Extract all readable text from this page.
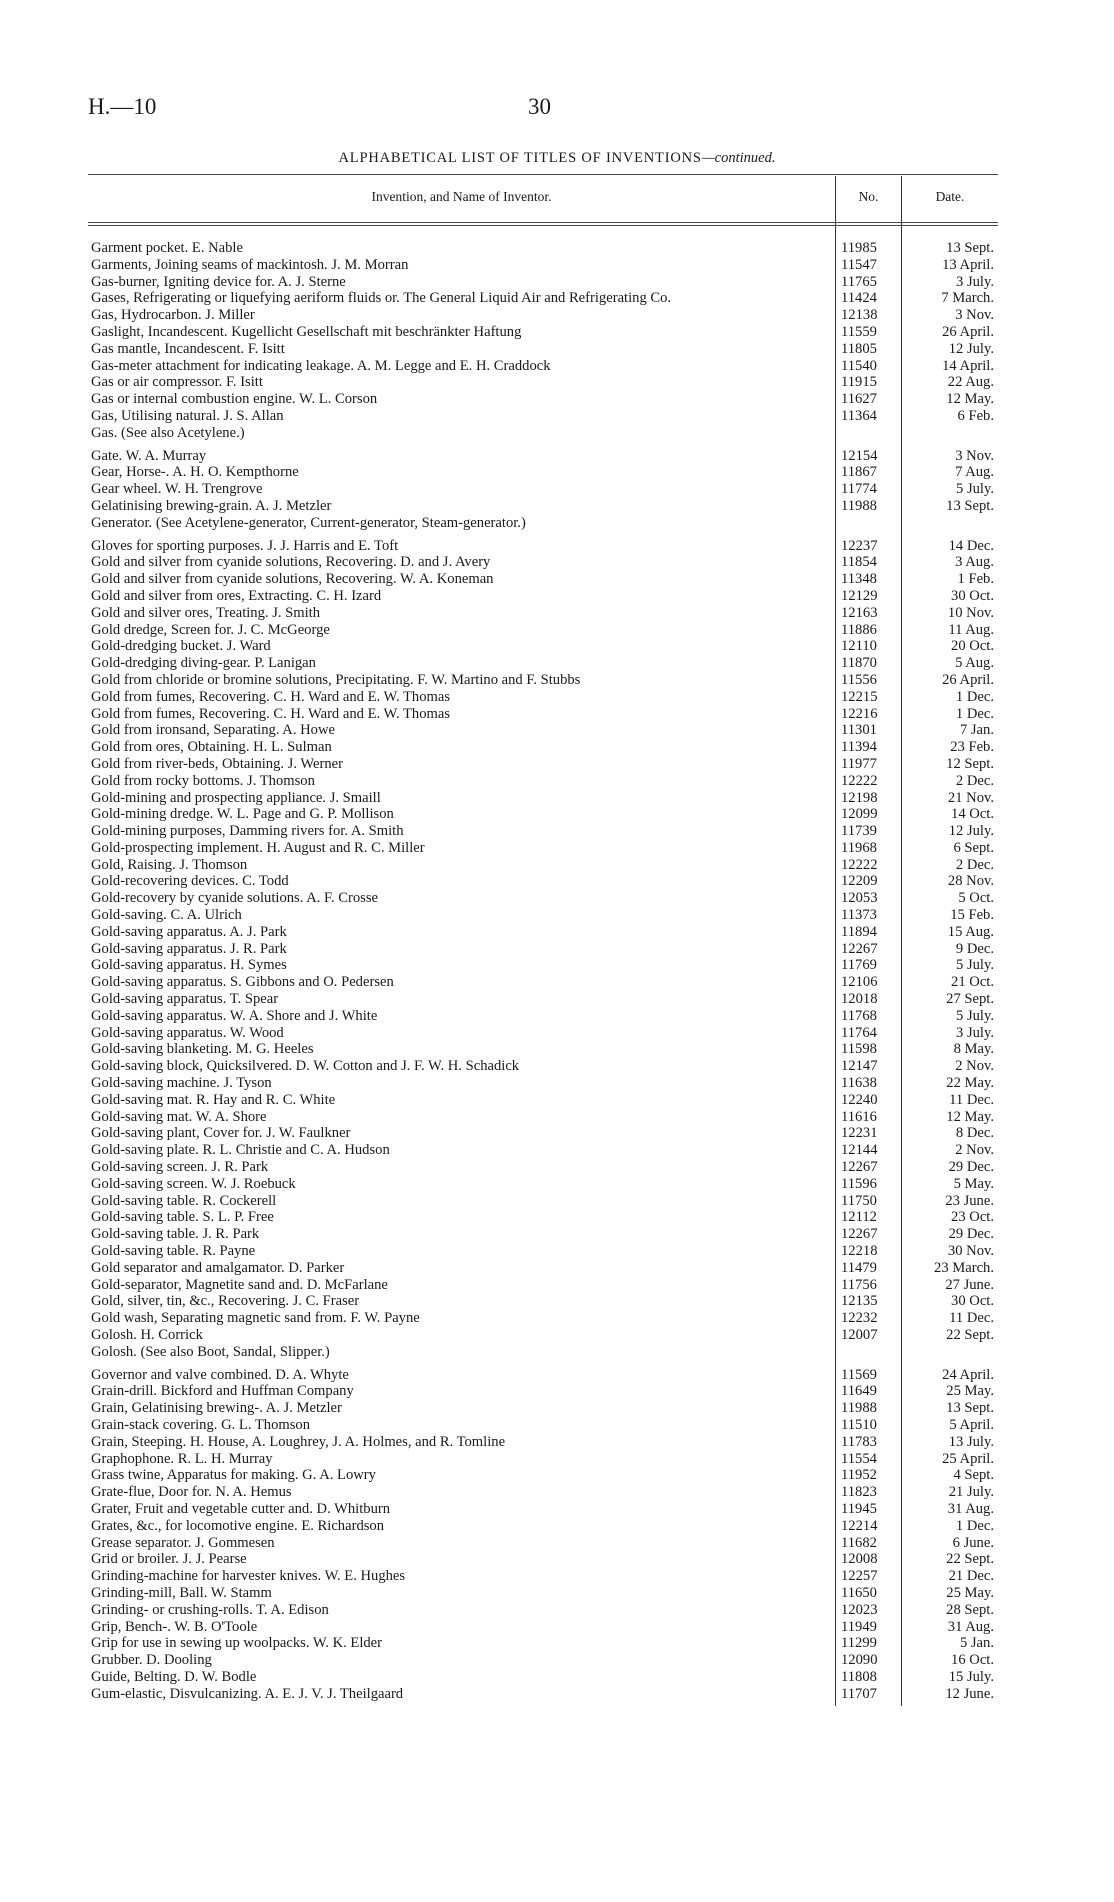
H.—10	30
ALPHABETICAL LIST OF TITLES OF INVENTIONS—continued.
Invention, and Name of Inventor.	No.	Date.
Garment pocket. E. Nable	11985	13 Sept.
Garments, Joining seams of mackintosh. J. M. Morran	11547	13 April.
Gas-burner, Igniting device for. A. J. Sterne	11765	3 July.
Gases, Refrigerating or liquefying aeriform fluids or. The General Liquid Air and Refrigerating Co.	11424	7 March.
Gas, Hydrocarbon. J. Miller	12138	3 Nov.
Gaslight, Incandescent. Kugellicht Gesellschaft mit beschränkter Haftung	11559	26 April.
Gas mantle, Incandescent. F. Isitt	11805	12 July.
Gas-meter attachment for indicating leakage. A. M. Legge and E. H. Craddock	11540	14 April.
Gas or air compressor. F. Isitt	11915	22 Aug.
Gas or internal combustion engine. W. L. Corson	11627	12 May.
Gas, Utilising natural. J. S. Allan	11364	6 Feb.
Gas. (See also Acetylene.)
Gate. W. A. Murray	12154	3 Nov.
Gear, Horse-. A. H. O. Kempthorne	11867	7 Aug.
Gear wheel. W. H. Trengrove	11774	5 July.
Gelatinising brewing-grain. A. J. Metzler	11988	13 Sept.
Generator. (See Acetylene-generator, Current-generator, Steam-generator.)
Gloves for sporting purposes. J. J. Harris and E. Toft	12237	14 Dec.
Gold and silver from cyanide solutions, Recovering. D. and J. Avery	11854	3 Aug.
Gold and silver from cyanide solutions, Recovering. W. A. Koneman	11348	1 Feb.
Gold and silver from ores, Extracting. C. H. Izard	12129	30 Oct.
Gold and silver ores, Treating. J. Smith	12163	10 Nov.
Gold dredge, Screen for. J. C. McGeorge	11886	11 Aug.
Gold-dredging bucket. J. Ward	12110	20 Oct.
Gold-dredging diving-gear. P. Lanigan	11870	5 Aug.
Gold from chloride or bromine solutions, Precipitating. F. W. Martino and F. Stubbs	11556	26 April.
Gold from fumes, Recovering. C. H. Ward and E. W. Thomas	12215	1 Dec.
Gold from fumes, Recovering. C. H. Ward and E. W. Thomas	12216	1 Dec.
Gold from ironsand, Separating. A. Howe	11301	7 Jan.
Gold from ores, Obtaining. H. L. Sulman	11394	23 Feb.
Gold from river-beds, Obtaining. J. Werner	11977	12 Sept.
Gold from rocky bottoms. J. Thomson	12222	2 Dec.
Gold-mining and prospecting appliance. J. Smaill	12198	21 Nov.
Gold-mining dredge. W. L. Page and G. P. Mollison	12099	14 Oct.
Gold-mining purposes, Damming rivers for. A. Smith	11739	12 July.
Gold-prospecting implement. H. August and R. C. Miller	11968	6 Sept.
Gold, Raising. J. Thomson	12222	2 Dec.
Gold-recovering devices. C. Todd	12209	28 Nov.
Gold-recovery by cyanide solutions. A. F. Crosse	12053	5 Oct.
Gold-saving. C. A. Ulrich	11373	15 Feb.
Gold-saving apparatus. A. J. Park	11894	15 Aug.
Gold-saving apparatus. J. R. Park	12267	9 Dec.
Gold-saving apparatus. H. Symes	11769	5 July.
Gold-saving apparatus. S. Gibbons and O. Pedersen	12106	21 Oct.
Gold-saving apparatus. T. Spear	12018	27 Sept.
Gold-saving apparatus. W. A. Shore and J. White	11768	5 July.
Gold-saving apparatus. W. Wood	11764	3 July.
Gold-saving blanketing. M. G. Heeles	11598	8 May.
Gold-saving block, Quicksilvered. D. W. Cotton and J. F. W. H. Schadick	12147	2 Nov.
Gold-saving machine. J. Tyson	11638	22 May.
Gold-saving mat. R. Hay and R. C. White	12240	11 Dec.
Gold-saving mat. W. A. Shore	11616	12 May.
Gold-saving plant, Cover for. J. W. Faulkner	12231	8 Dec.
Gold-saving plate. R. L. Christie and C. A. Hudson	12144	2 Nov.
Gold-saving screen. J. R. Park	12267	29 Dec.
Gold-saving screen. W. J. Roebuck	11596	5 May.
Gold-saving table. R. Cockerell	11750	23 June.
Gold-saving table. S. L. P. Free	12112	23 Oct.
Gold-saving table. J. R. Park	12267	29 Dec.
Gold-saving table. R. Payne	12218	30 Nov.
Gold separator and amalgamator. D. Parker	11479	23 March.
Gold-separator, Magnetite sand and. D. McFarlane	11756	27 June.
Gold, silver, tin, &c., Recovering. J. C. Fraser	12135	30 Oct.
Gold wash, Separating magnetic sand from. F. W. Payne	12232	11 Dec.
Golosh. H. Corrick	12007	22 Sept.
Golosh. (See also Boot, Sandal, Slipper.)
Governor and valve combined. D. A. Whyte	11569	24 April.
Grain-drill. Bickford and Huffman Company	11649	25 May.
Grain, Gelatinising brewing-. A. J. Metzler	11988	13 Sept.
Grain-stack covering. G. L. Thomson	11510	5 April.
Grain, Steeping. H. House, A. Loughrey, J. A. Holmes, and R. Tomline	11783	13 July.
Graphophone. R. L. H. Murray	11554	25 April.
Grass twine, Apparatus for making. G. A. Lowry	11952	4 Sept.
Grate-flue, Door for. N. A. Hemus	11823	21 July.
Grater, Fruit and vegetable cutter and. D. Whitburn	11945	31 Aug.
Grates, &c., for locomotive engine. E. Richardson	12214	1 Dec.
Grease separator. J. Gommesen	11682	6 June.
Grid or broiler. J. J. Pearse	12008	22 Sept.
Grinding-machine for harvester knives. W. E. Hughes	12257	21 Dec.
Grinding-mill, Ball. W. Stamm	11650	25 May.
Grinding- or crushing-rolls. T. A. Edison	12023	28 Sept.
Grip, Bench-. W. B. O'Toole	11949	31 Aug.
Grip for use in sewing up woolpacks. W. K. Elder	11299	5 Jan.
Grubber. D. Dooling	12090	16 Oct.
Guide, Belting. D. W. Bodle	11808	15 July.
Gum-elastic, Disvulcanizing. A. E. J. V. J. Theilgaard	11707	12 June.
